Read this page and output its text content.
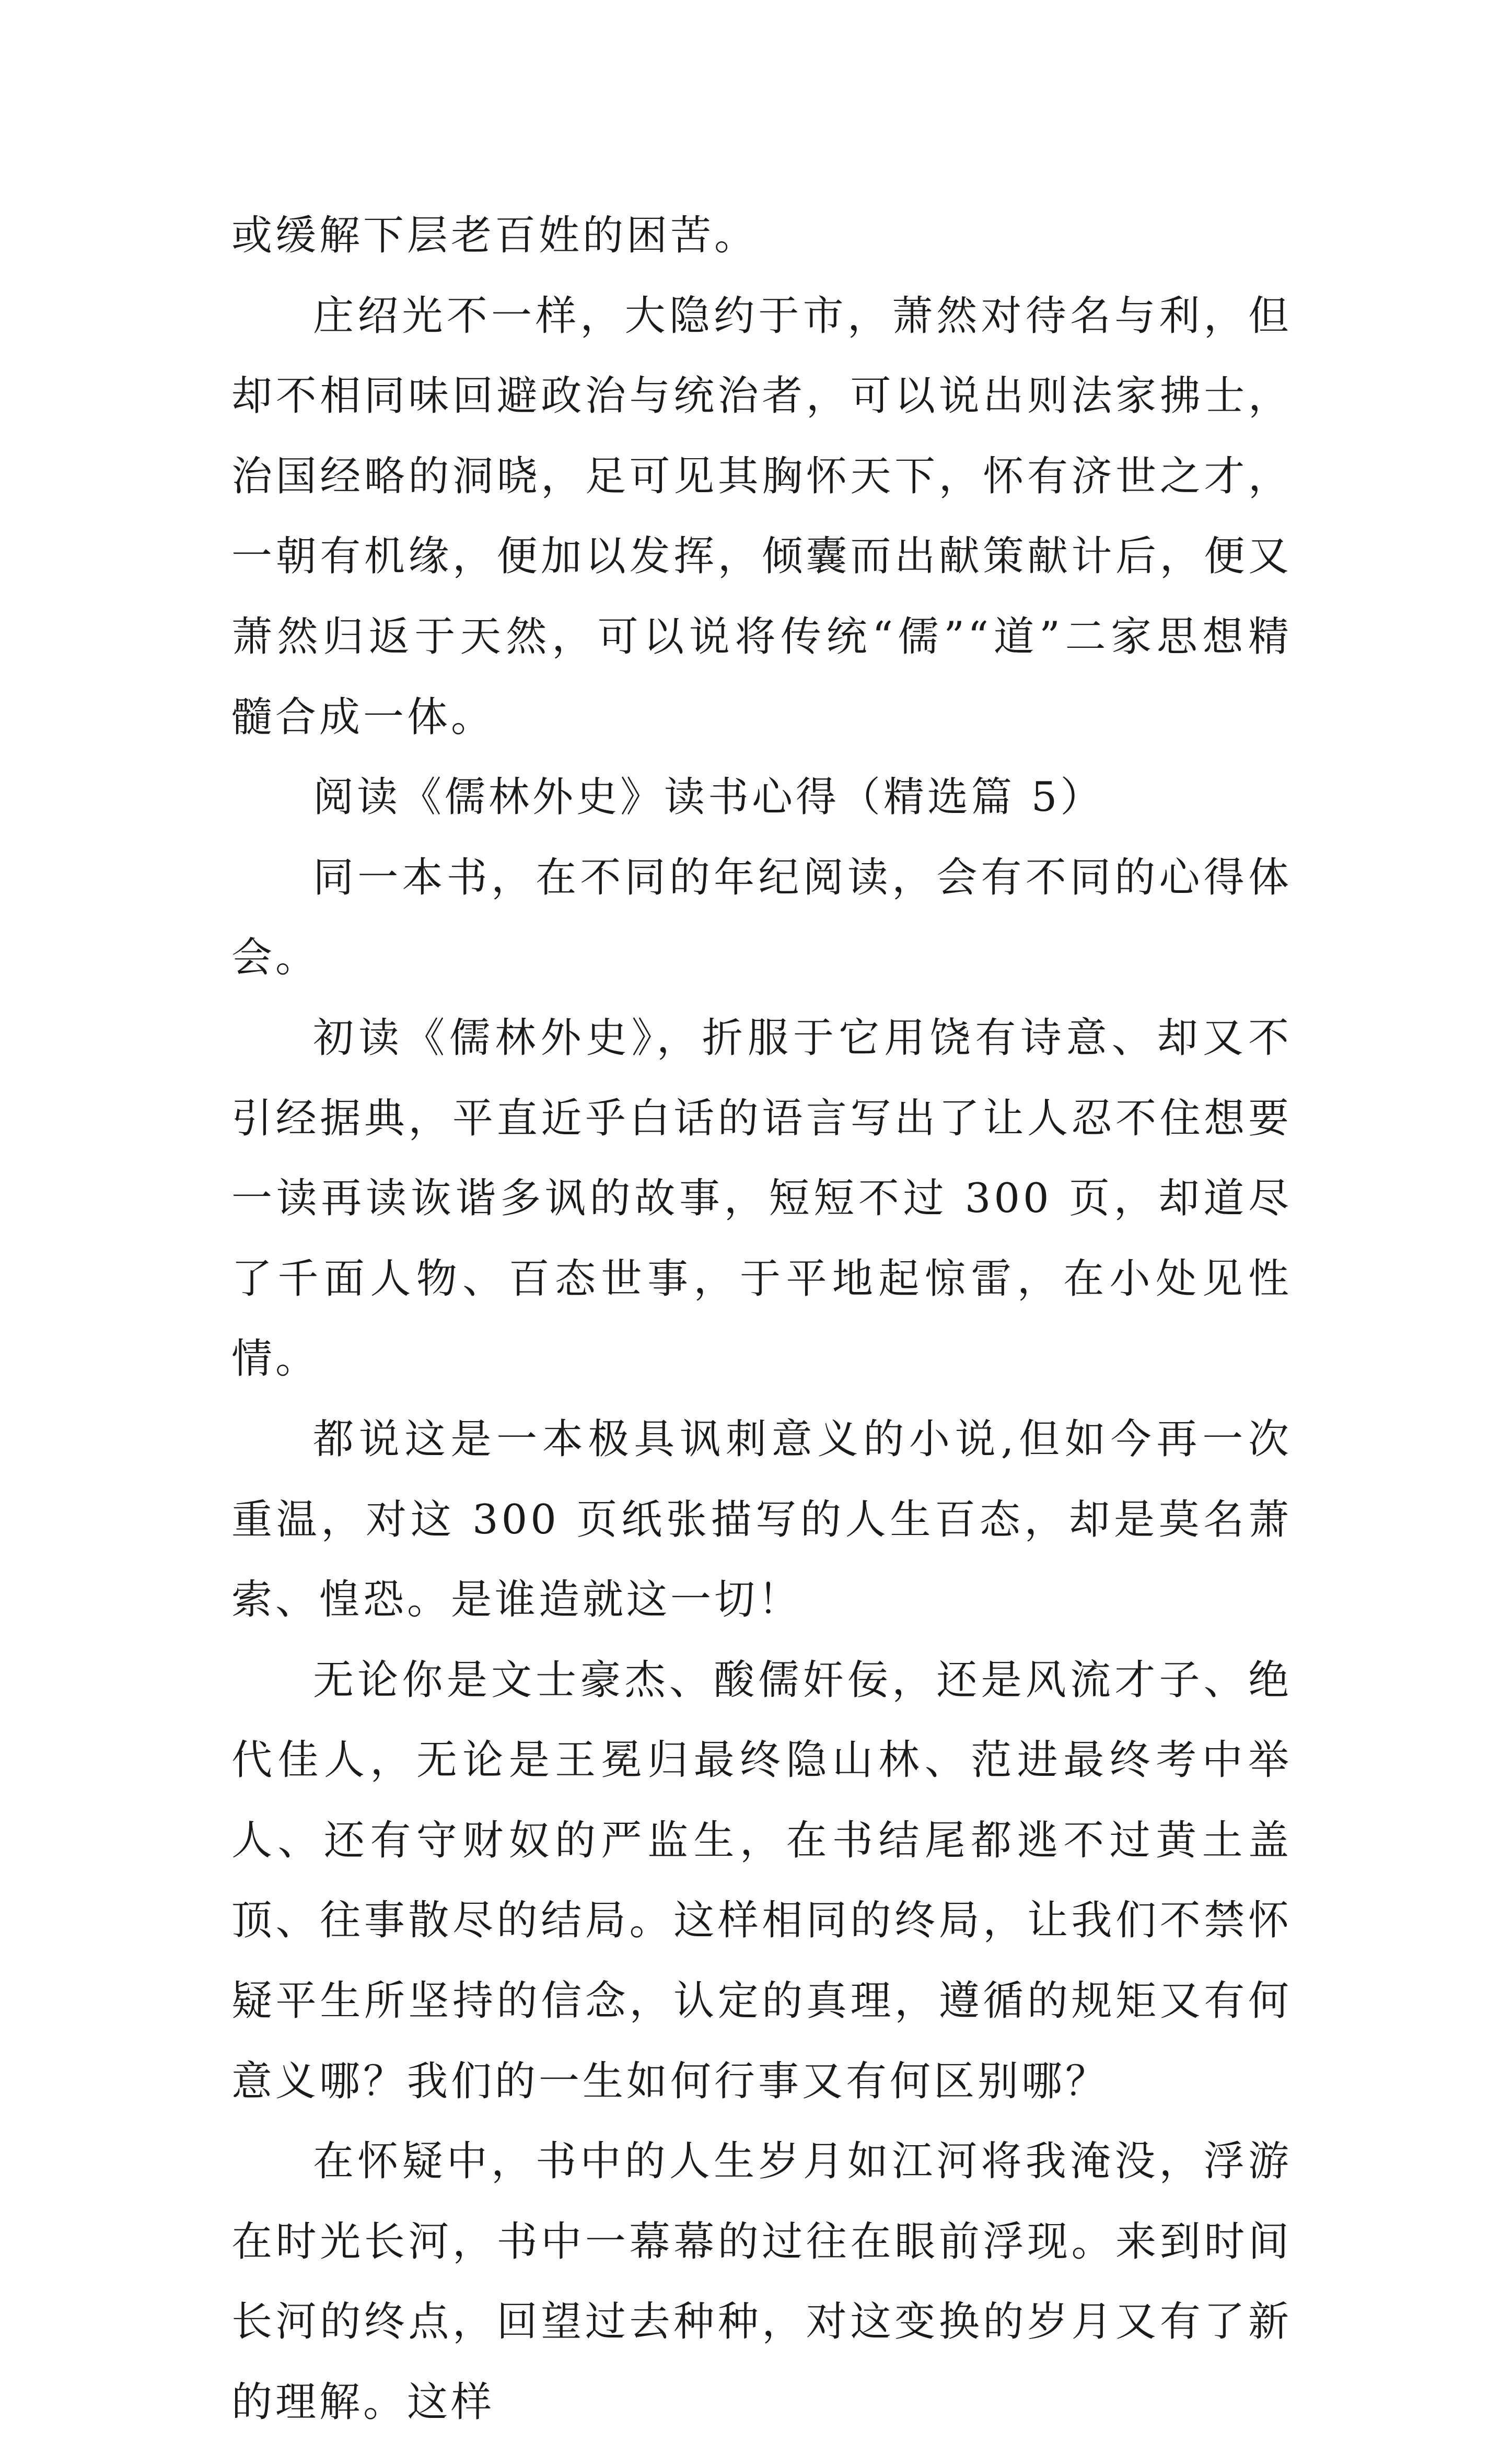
或缓解下层老百姓的困苦。

庄绍光不一样，大隐约于市，萧然对待名与利，但却不相同味回避政治与统治者，可以说出则法家拂士，治国经略的洞晓，足可见其胸怀天下，怀有济世之才，一朝有机缘，便加以发挥，倾囊而出献策献计后，便又萧然归返于天然，可以说将传统“儒”“道”二家思想精髓合成一体。

阅读《儒林外史》读书心得（精选篇 5）

同一本书，在不同的年纪阅读，会有不同的心得体会。

初读《儒林外史》，折服于它用饶有诗意、却又不引经据典，平直近乎白话的语言写出了让人忍不住想要一读再读诙谐多讽的故事，短短不过 300 页，却道尽了千面人物、百态世事，于平地起惊雷，在小处见性情。

都说这是一本极具讽刺意义的小说,但如今再一次重温，对这 300 页纸张描写的人生百态，却是莫名萧索、惶恐。是谁造就这一切！

无论你是文士豪杰、酸儒奸佞，还是风流才子、绝代佳人，无论是王冕归最终隐山林、范进最终考中举人、还有守财奴的严监生，在书结尾都逃不过黄土盖顶、往事散尽的结局。这样相同的终局，让我们不禁怀疑平生所坚持的信念，认定的真理，遵循的规矩又有何意义哪？我们的一生如何行事又有何区别哪？

在怀疑中，书中的人生岁月如江河将我淹没，浮游在时光长河，书中一幕幕的过往在眼前浮现。来到时间长河的终点，回望过去种种，对这变换的岁月又有了新的理解。这样
